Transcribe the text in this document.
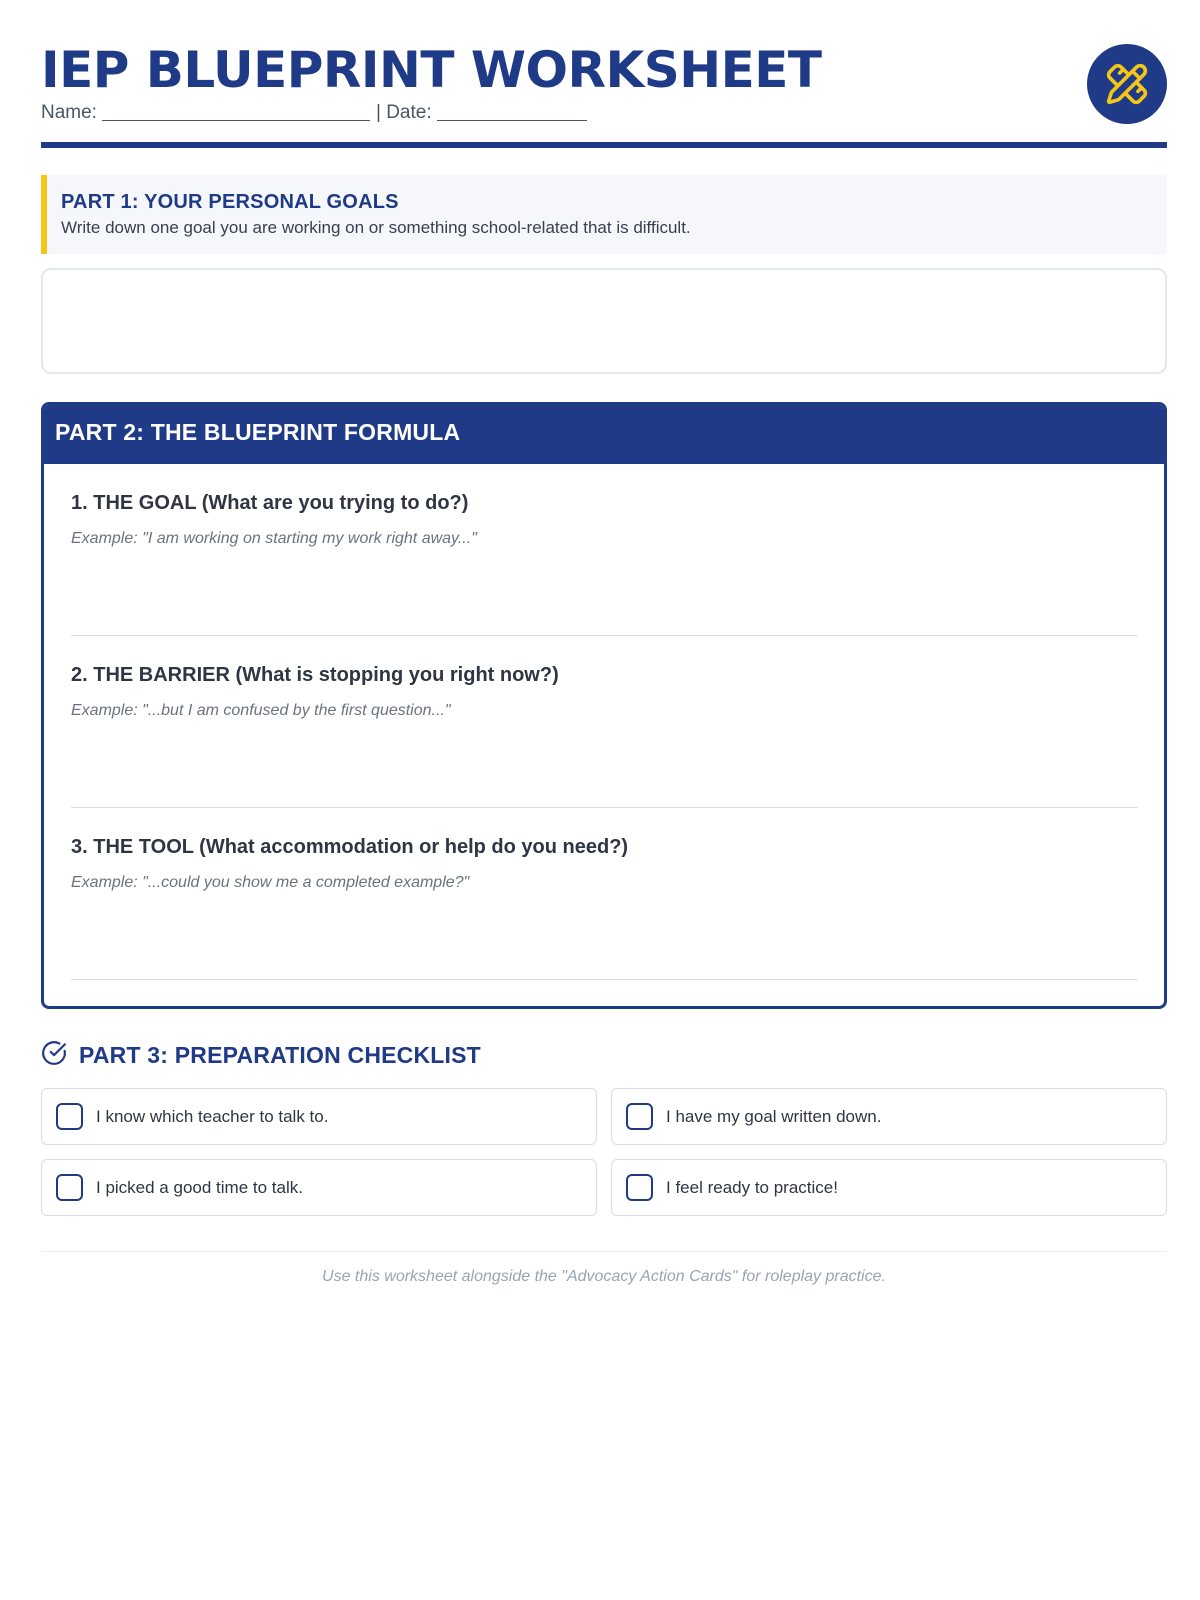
IEP BLUEPRINT WORKSHEET
Name:	| Date:
PART 1: YOUR PERSONAL GOALS
Write down one goal you are working on or something school-related that is difficult.
PART 2: THE BLUEPRINT FORMULA
1. THE GOAL (What are you trying to do?)
Example: "I am working on starting my work right away..."
2. THE BARRIER (What is stopping you right now?)
Example: "...but I am confused by the first question..."
3. THE TOOL (What accommodation or help do you need?)
Example: "...could you show me a completed example?"
PART 3: PREPARATION CHECKLIST
I know which teacher to talk to.	I have my goal written down.
I picked a good time to talk.	I feel ready to practice!
Use this worksheet alongside the "Advocacy Action Cards" for roleplay practice.
